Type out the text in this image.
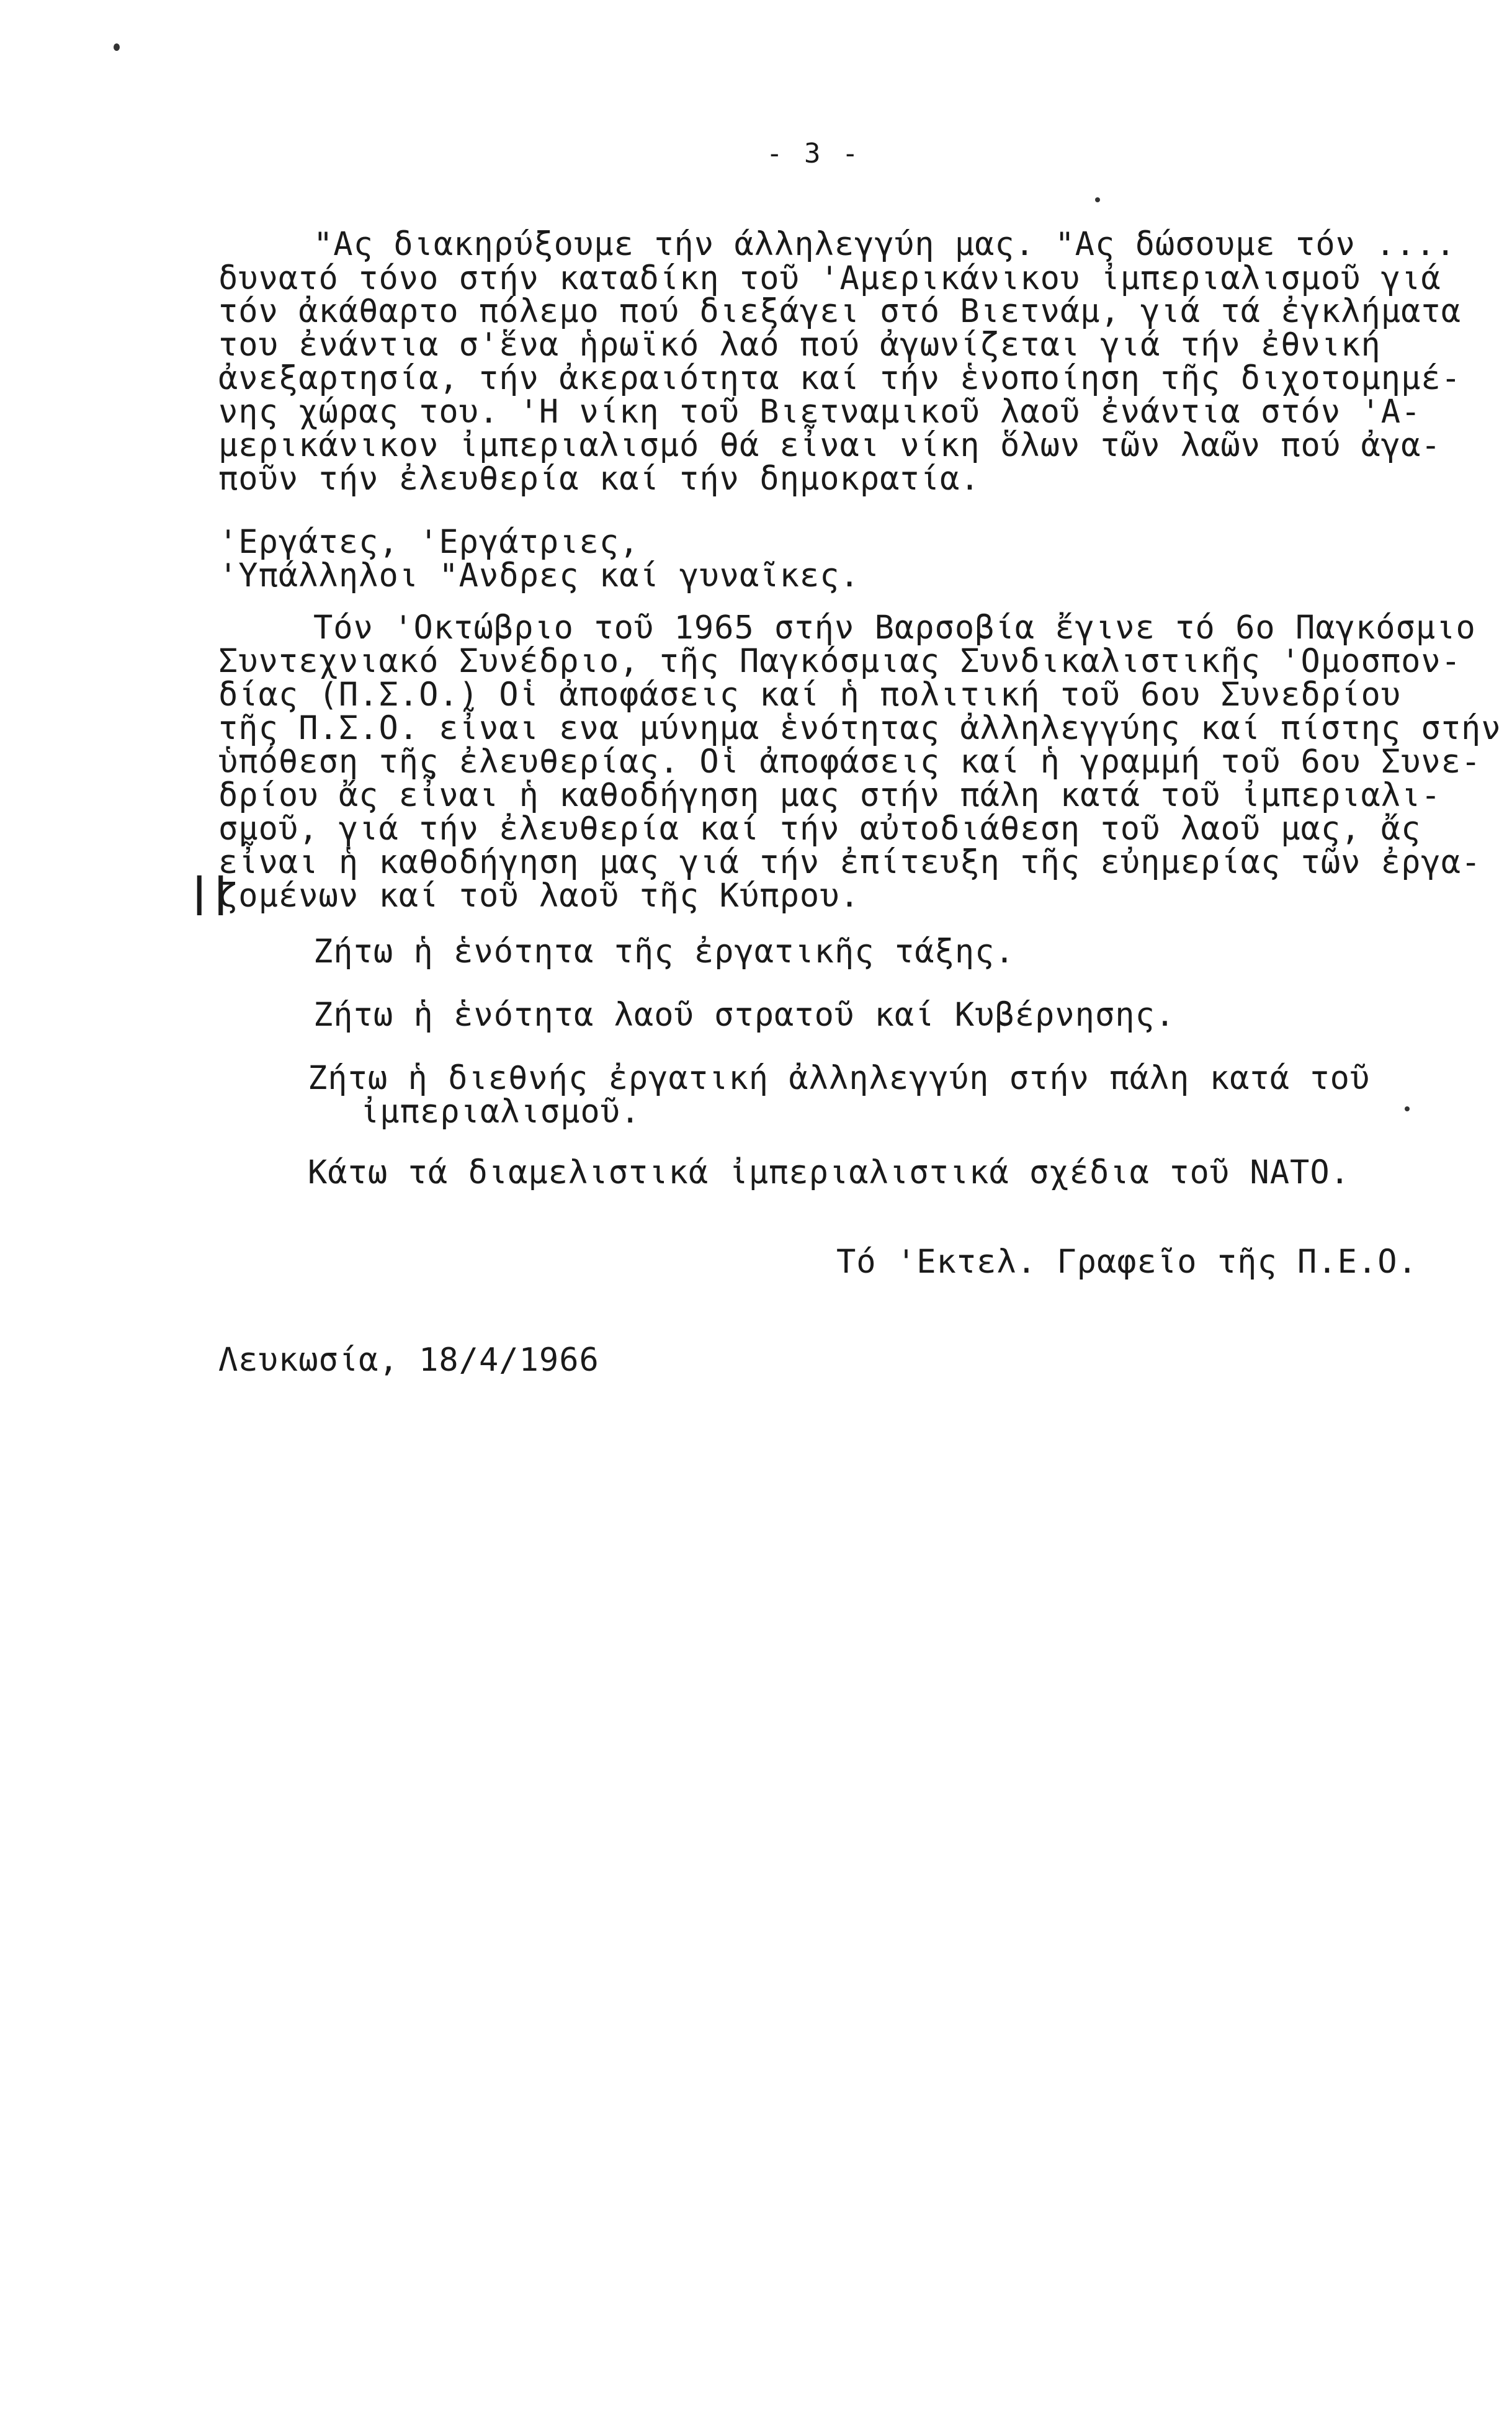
- 3 -
"Ας διακηρύξουμε τήν άλληλεγγύη μας. "Ας δώσουμε τόν ....
δυνατό τόνο στήν καταδίκη τοῦ 'Αμερικάνικου ἰμπεριαλισμοῦ γιά
τόν ἀκάθαρτο πόλεμο πού διεξάγει στό Βιετνάμ, γιά τά ἐγκλήματα
του ἐνάντια σ'ἕνα ἡρωϊκό λαό πού ἀγωνίζεται γιά τήν ἐθνική
ἀνεξαρτησία, τήν ἀκεραιότητα καί τήν ἑνοποίηση τῆς διχοτομημέ-
νης χώρας του. 'Η νίκη τοῦ Βιετναμικοῦ λαοῦ ἐνάντια στόν 'Α-
μερικάνικον ἰμπεριαλισμό θά εἶναι νίκη ὅλων τῶν λαῶν πού ἀγα-
ποῦν τήν ἐλευθερία καί τήν δημοκρατία.
'Εργάτες, 'Εργάτριες,
'Υπάλληλοι "Ανδρες καί γυναῖκες.
Τόν 'Οκτώβριο τοῦ 1965 στήν Βαρσοβία ἔγινε τό 6ο Παγκόσμιο
Συντεχνιακό Συνέδριο, τῆς Παγκόσμιας Συνδικαλιστικῆς 'Ομοσπον-
δίας (Π.Σ.Ο.) Οἱ ἀποφάσεις καί ἡ πολιτική τοῦ 6ου Συνεδρίου
τῆς Π.Σ.Ο. εἶναι ενα μύνημα ἑνότητας ἀλληλεγγύης καί πίστης στήν
ὑπόθεση τῆς ἐλευθερίας. Οἱ ἀποφάσεις καί ἡ γραμμή τοῦ 6ου Συνε-
δρίου ἄς εἶναι ἡ καθοδήγηση μας στήν πάλη κατά τοῦ ἰμπεριαλι-
σμοῦ, γιά τήν ἐλευθερία καί τήν αὐτοδιάθεση τοῦ λαοῦ μας, ἄς
εἶναι ἡ καθοδήγηση μας γιά τήν ἐπίτευξη τῆς εὐημερίας τῶν ἐργα-
ζομένων καί τοῦ λαοῦ τῆς Κύπρου.
||
Ζήτω ἡ ἑνότητα τῆς ἐργατικῆς τάξης.
Ζήτω ἡ ἑνότητα λαοῦ στρατοῦ καί Κυβέρνησης.
Ζήτω ἡ διεθνής ἐργατική ἀλληλεγγύη στήν πάλη κατά τοῦ
ἰμπεριαλισμοῦ.
Κάτω τά διαμελιστικά ἰμπεριαλιστικά σχέδια τοῦ ΝΑΤΟ.
Τό 'Εκτελ. Γραφεῖο τῆς Π.Ε.Ο.
Λευκωσία, 18/4/1966
